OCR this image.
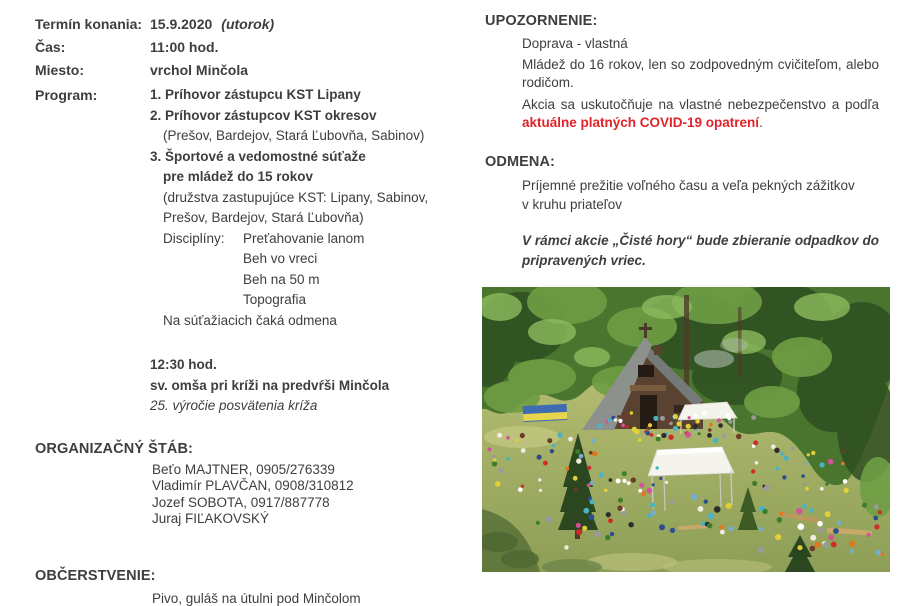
Termín konania: 15.9.2020 (utorok)
Čas:	11:00 hod.
Miesto:	vrchol Minčola
Program:	1. Príhovor zástupcu KST Lipany
2. Príhovor zástupcov KST okresov
(Prešov, Bardejov, Stará Ľubovňa, Sabinov)
3. Športové a vedomostné súťaže
pre mládež do 15 rokov
(družstva zastupujúce KST: Lipany, Sabinov,
Prešov, Bardejov, Stará Ľubovňa)
Disciplíny:	Preťahovanie lanom
Beh vo vreci
Beh na 50 m
Topografia
Na súťažiacich čaká odmena
12:30 hod.
sv. omša pri kríži na predvŕši Minčola
25. výročie posvätenia kríža
ORGANIZAČNÝ ŠTÁB:
Beťo MAJTNER, 0905/276339
Vladimír PLAVČAN, 0908/310812
Jozef SOBOTA, 0917/887778
Juraj FIĽAKOVSKÝ
OBČERSTVENIE:
Pivo, guláš na útulni pod Minčolom
UPOZORNENIE:
Doprava - vlastná
Mládež do 16 rokov, len so zodpovedným cvičiteľom, alebo rodičom.
Akcia sa uskutočňuje na vlastné nebezpečenstvo a podľa aktuálne platných COVID-19 opatrení.
ODMENA:
Príjemné prežitie voľného času a veľa pekných zážitkov v kruhu priateľov
V rámci akcie „Čisté hory“ bude zbieranie odpadkov do pripravených vriec.
